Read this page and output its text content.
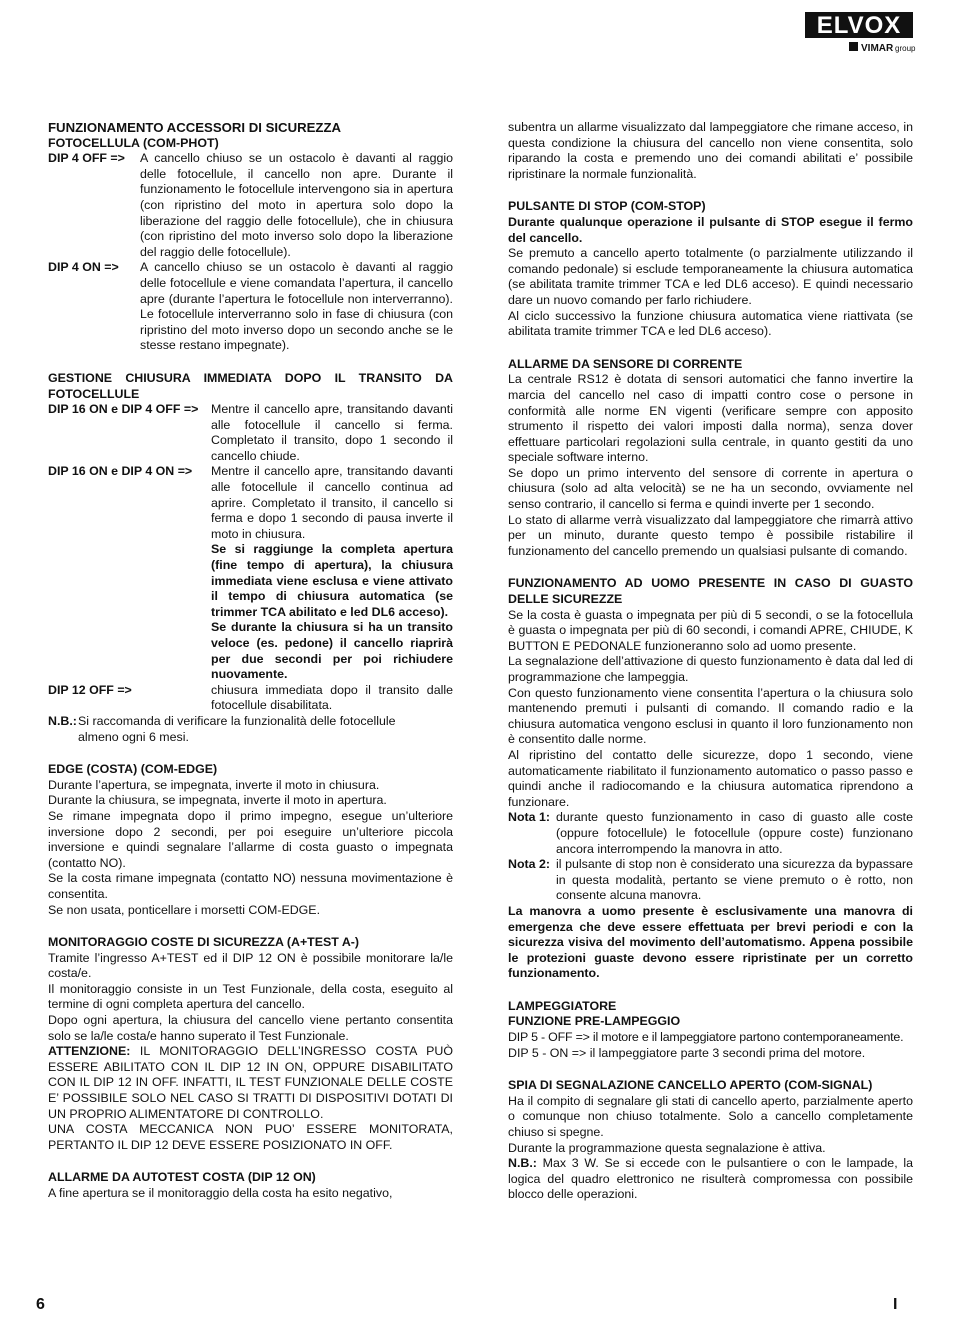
ELVOX
VIMAR group

FUNZIONAMENTO ACCESSORI DI SICUREZZA

FOTOCELLULA (COM-PHOT)

DIP 4 OFF =>	A cancello chiuso se un ostacolo è davanti al raggio delle fotocellule, il cancello non apre. Durante il funzionamento le fotocellule intervengono sia in apertura (con ripristino del moto in apertura solo dopo la liberazione del raggio delle fotocellule), che in chiusura (con ripristino del moto inverso solo dopo la liberazione del raggio delle fotocellule).
DIP 4 ON =>	A cancello chiuso se un ostacolo è davanti al raggio delle fotocellule e viene comandata l’apertura, il cancello apre (durante l’apertura le fotocellule non interverranno). Le fotocellule interverranno solo in fase di chiusura (con ripristino del moto inverso dopo un secondo anche se le stesse restano impegnate).

GESTIONE CHIUSURA IMMEDIATA DOPO IL TRANSITO DA FOTOCELLULE

DIP 16 ON e DIP 4 OFF =>	Mentre il cancello apre, transitando davanti alle fotocellule il cancello si ferma. Completato il transito, dopo 1 secondo il cancello chiude.
DIP 16 ON e DIP 4 ON =>	Mentre il cancello apre, transitando davanti alle fotocellule il cancello continua ad aprire. Completato il transito, il cancello si ferma e dopo 1 secondo di pausa inverte il moto in chiusura.
Se si raggiunge la completa apertura (fine tempo di apertura), la chiusura immediata viene esclusa e viene attivato il tempo di chiusura automatica (se trimmer TCA abilitato e led DL6 acceso).
Se durante la chiusura si ha un transito veloce (es. pedone) il cancello riaprirà per due secondi per poi richiudere nuovamente.
DIP 12 OFF =>	chiusura immediata dopo il transito dalle fotocellule disabilitata.
N.B.: Si raccomanda di verificare la funzionalità delle fotocellule

almeno ogni 6 mesi.

EDGE (COSTA) (COM-EDGE)

Durante l’apertura, se impegnata, inverte il moto in chiusura.

Durante la chiusura, se impegnata, inverte il moto in apertura.

Se rimane impegnata dopo il primo impegno, esegue un’ulteriore inversione dopo 2 secondi, per poi eseguire un’ulteriore piccola inversione e quindi segnalare l’allarme di costa guasto o impegnata (contatto NO).

Se la costa rimane impegnata (contatto NO) nessuna movimentazione è consentita.

Se non usata, ponticellare i morsetti COM-EDGE.

MONITORAGGIO COSTE DI SICUREZZA (A+TEST A-)

Tramite l’ingresso A+TEST ed il DIP 12 ON è possibile monitorare la/le costa/e.

Il monitoraggio consiste in un Test Funzionale, della costa, eseguito al termine di ogni completa apertura del cancello.

Dopo ogni apertura, la chiusura del cancello viene pertanto consentita solo se la/le costa/e hanno superato il Test Funzionale.

ATTENZIONE: IL MONITORAGGIO DELL’INGRESSO COSTA PUÒ ESSERE ABILITATO CON IL DIP 12 IN ON, OPPURE DISABILITATO CON IL DIP 12 IN OFF. INFATTI, IL TEST FUNZIONALE DELLE COSTE E’ POSSIBILE SOLO NEL CASO SI TRATTI DI DISPOSITIVI DOTATI DI UN PROPRIO ALIMENTATORE DI CONTROLLO.

UNA COSTA MECCANICA NON PUO’ ESSERE MONITORATA, PERTANTO IL DIP 12 DEVE ESSERE POSIZIONATO IN OFF.

ALLARME DA AUTOTEST COSTA (DIP 12 ON)

A fine apertura se il monitoraggio della costa ha esito negativo,

subentra un allarme visualizzato dal lampeggiatore che rimane acceso, in questa condizione la chiusura del cancello non viene consentita, solo riparando la costa e premendo uno dei comandi abilitati e’ possibile ripristinare la normale funzionalità.

PULSANTE DI STOP (COM-STOP)

Durante qualunque operazione il pulsante di STOP esegue il fermo del cancello.

Se premuto a cancello aperto totalmente (o parzialmente utilizzando il comando pedonale) si esclude temporaneamente la chiusura automatica (se abilitata tramite trimmer TCA e led DL6 acceso). E quindi necessario dare un nuovo comando per farlo richiudere.

Al ciclo successivo la funzione chiusura automatica viene riattivata (se abilitata tramite trimmer TCA e led DL6 acceso).

ALLARME DA SENSORE DI CORRENTE

La centrale RS12 è dotata di sensori automatici che fanno invertire la marcia del cancello nel caso di impatti contro cose o persone in conformità alle norme EN vigenti (verificare sempre con apposito strumento il rispetto dei valori imposti dalla norma), senza dover effettuare particolari regolazioni sulla centrale, in quanto gestiti da uno speciale software interno.

Se dopo un primo intervento del sensore di corrente in apertura o chiusura (solo ad alta velocità) se ne ha un secondo, ovviamente nel senso contrario, il cancello si ferma e quindi inverte per 1 secondo.

Lo stato di allarme verrà visualizzato dal lampeggiatore che rimarrà attivo per un minuto, durante questo tempo è possibile ristabilire il funzionamento del cancello premendo un qualsiasi pulsante di comando.

FUNZIONAMENTO AD UOMO PRESENTE IN CASO DI GUASTO DELLE SICUREZZE

Se la costa è guasta o impegnata per più di 5 secondi, o se la fotocellula è guasta o impegnata per più di 60 secondi, i comandi APRE, CHIUDE, K BUTTON E PEDONALE funzioneranno solo ad uomo presente.

La segnalazione dell’attivazione di questo funzionamento è data dal led di programmazione che lampeggia.

Con questo funzionamento viene consentita l’apertura o la chiusura solo mantenendo premuti i pulsanti di comando. Il comando radio e la chiusura automatica vengono esclusi in quanto il loro funzionamento non è consentito dalle norme.

Al ripristino del contatto delle sicurezze, dopo 1 secondo, viene automaticamente riabilitato il funzionamento automatico o passo passo e quindi anche il radiocomando e la chiusura automatica riprendono a funzionare.

Nota 1: durante questo funzionamento in caso di guasto alle coste (oppure fotocellule) le fotocellule (oppure coste) funzionano ancora interrompendo la manovra in atto.
Nota 2: il pulsante di stop non è considerato una sicurezza da bypassare in questa modalità, pertanto se viene premuto o è rotto, non consente alcuna manovra.

La manovra a uomo presente è esclusivamente una manovra di emergenza che deve essere effettuata per brevi periodi e con la sicurezza visiva del movimento dell’automatismo. Appena possibile le protezioni guaste devono essere ripristinate per un corretto funzionamento.

LAMPEGGIATORE

FUNZIONE PRE-LAMPEGGIO

DIP 5 - OFF => il motore e il lampeggiatore partono contemporaneamente.

DIP 5 - ON => il lampeggiatore parte 3 secondi prima del motore.

SPIA DI SEGNALAZIONE CANCELLO APERTO (COM-SIGNAL)

Ha il compito di segnalare gli stati di cancello aperto, parzialmente aperto o comunque non chiuso totalmente. Solo a cancello completamente chiuso si spegne.

Durante la programmazione questa segnalazione è attiva.

N.B.: Max 3 W. Se si eccede con le pulsantiere o con le lampade, la logica del quadro elettronico ne risulterà compromessa con possibile blocco delle operazioni.

6	I
